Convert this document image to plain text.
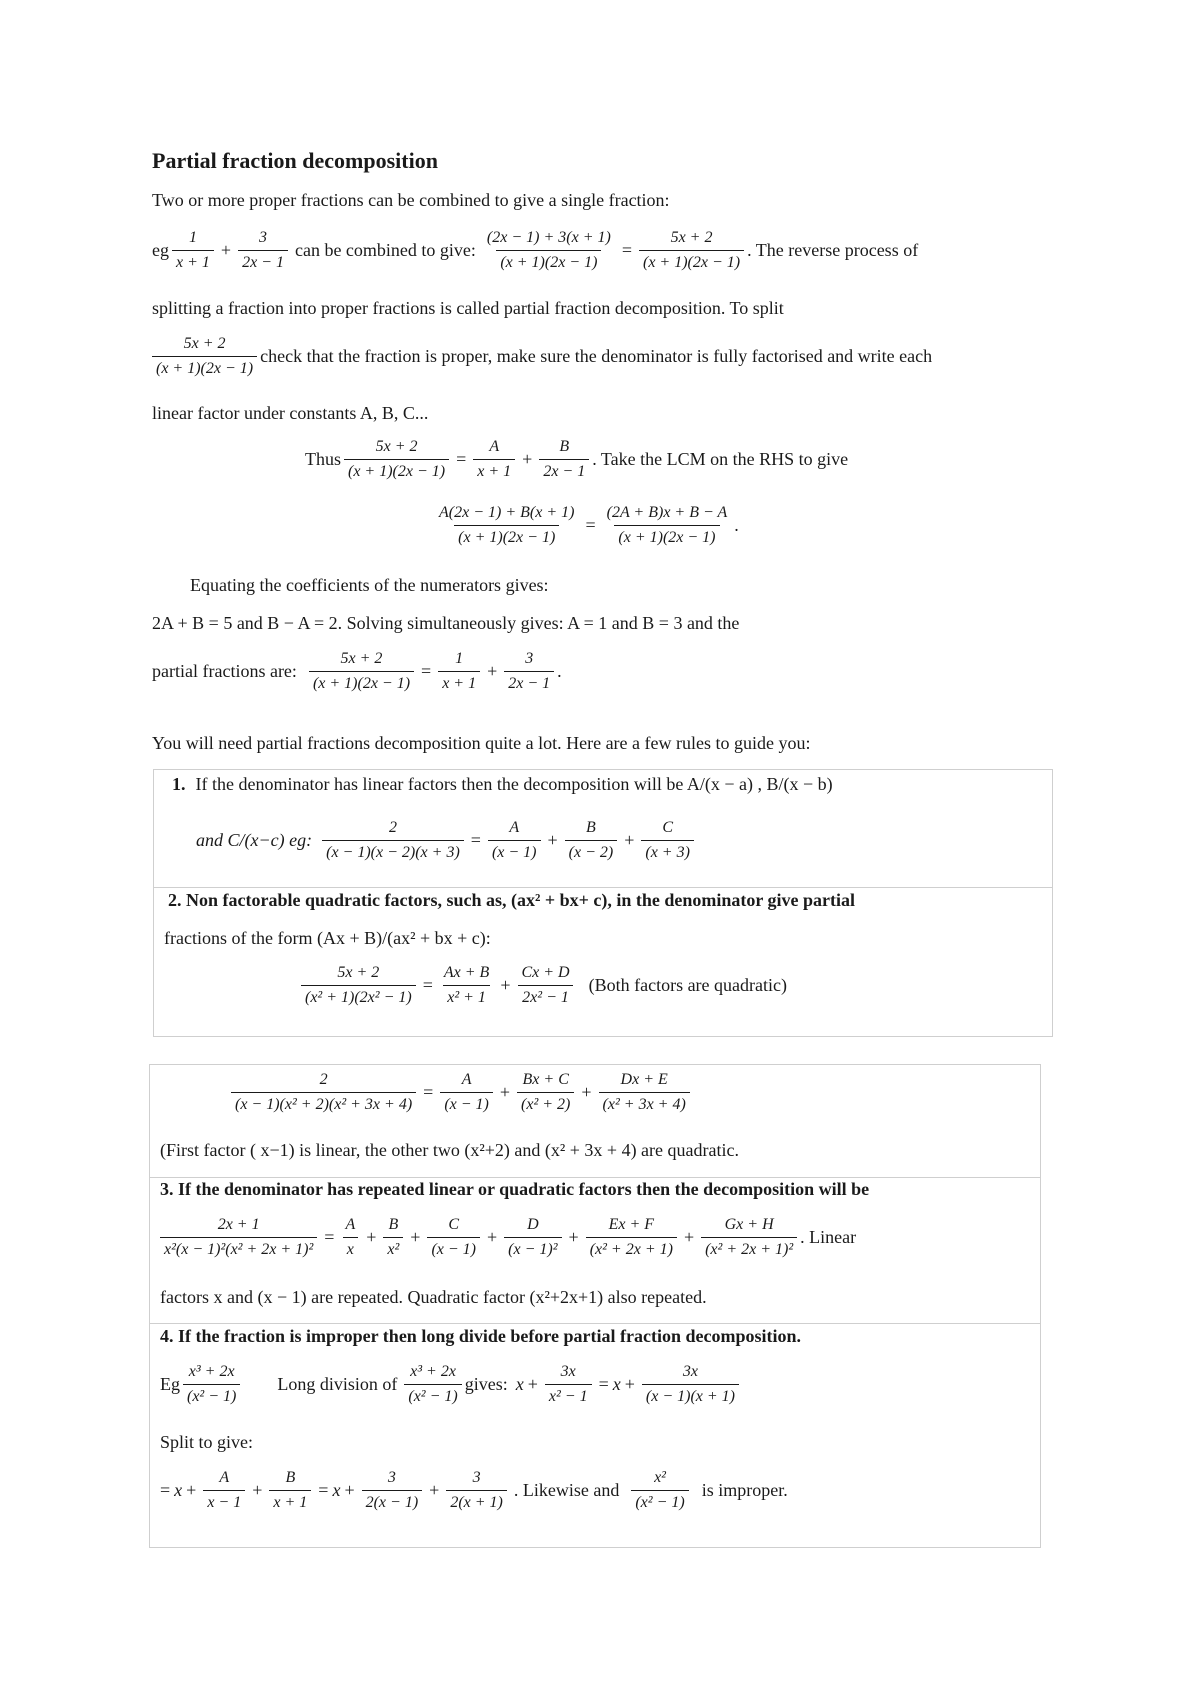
Partial fraction decomposition
Two or more proper fractions can be combined to give a single fraction:
eg $\frac{1}{x + 1} + \frac{3}{2x - 1}$ can be combined to give: $\frac{(2x - 1) + 3(x + 1)}{(x + 1)(2x - 1)} = \frac{5x + 2}{(x + 1)(2x - 1)}$ . The reverse process of
splitting a fraction into proper fractions is called partial fraction decomposition. To split
$\frac{5x + 2}{(x + 1)(2x - 1)}$ check that the fraction is proper, make sure the denominator is fully factorised and write each
linear factor under constants A, B, C...
Thus $\frac{5x + 2}{(x + 1)(2x - 1)} = \frac{A}{x + 1} + \frac{B}{2x - 1}$ . Take the LCM on the RHS to give
$\frac{A(2x - 1) + B(x + 1)}{(x + 1)(2x - 1)} = \frac{(2A + B)x + B - A}{(x + 1)(2x - 1)}$ .
Equating the coefficients of the numerators gives:
2A + B = 5 and B − A = 2. Solving simultaneously gives: A = 1 and B = 3 and the
partial fractions are: $\frac{5x + 2}{(x + 1)(2x - 1)} = \frac{1}{x + 1} + \frac{3}{2x - 1}$ .
You will need partial fractions decomposition quite a lot. Here are a few rules to guide you:
1. If the denominator has linear factors then the decomposition will be A/(x − a) , B/(x − b)
and C/(x−c) eg: $\frac{2}{(x - 1)(x - 2)(x + 3)} = \frac{A}{(x - 1)} + \frac{B}{(x - 2)} + \frac{C}{(x + 3)}$
2. Non factorable quadratic factors, such as, (ax² + bx+ c), in the denominator give partial
fractions of the form (Ax + B)/(ax² + bx + c):
$\frac{5x + 2}{\text{(x² + 1)(2x² − 1)}} = \frac{Ax + B}{\text{x² + 1}} + \frac{Cx + D}{\text{2x² − 1}}$ (Both factors are quadratic)
$\frac{2}{\text{(x − 1)(x² + 2)(x² + 3x + 4)}} = \frac{A}{(x - 1)} + \frac{Bx + C}{\text{(x² + 2)}} + \frac{Dx + E}{\text{(x² + 3x + 4)}}$
(First factor ( x−1) is linear, the other two (x²+2) and (x² + 3x + 4) are quadratic.
3. If the denominator has repeated linear or quadratic factors then the decomposition will be
$\frac{2x + 1}{\text{x²(x − 1)²(x² + 2x + 1)²}} = \frac{A}{x} + \frac{B}{\text{x²}} + \frac{C}{(x - 1)} + \frac{D}{\text{(x − 1)²}} + \frac{Ex + F}{\text{(x² + 2x + 1)}} + \frac{Gx + H}{\text{(x² + 2x + 1)²}}$ . Linear
factors x and (x − 1) are repeated. Quadratic factor (x²+2x+1) also repeated.
4. If the fraction is improper then long divide before partial fraction decomposition.
Eg $\frac{\text{x³ + 2x}}{\text{(x² − 1)}}$ Long division of $\frac{\text{x³ + 2x}}{\text{(x² − 1)}}$ gives: $x + \frac{3x}{\text{x² − 1}} = x + \frac{3x}{(x - 1)(x + 1)}$
Split to give:
= $x + \frac{A}{x - 1} + \frac{B}{x + 1} = x + \frac{3}{2(x - 1)} + \frac{3}{2(x + 1)}$ . Likewise and $\frac{\text{x²}}{\text{(x² − 1)}}$ is improper.
